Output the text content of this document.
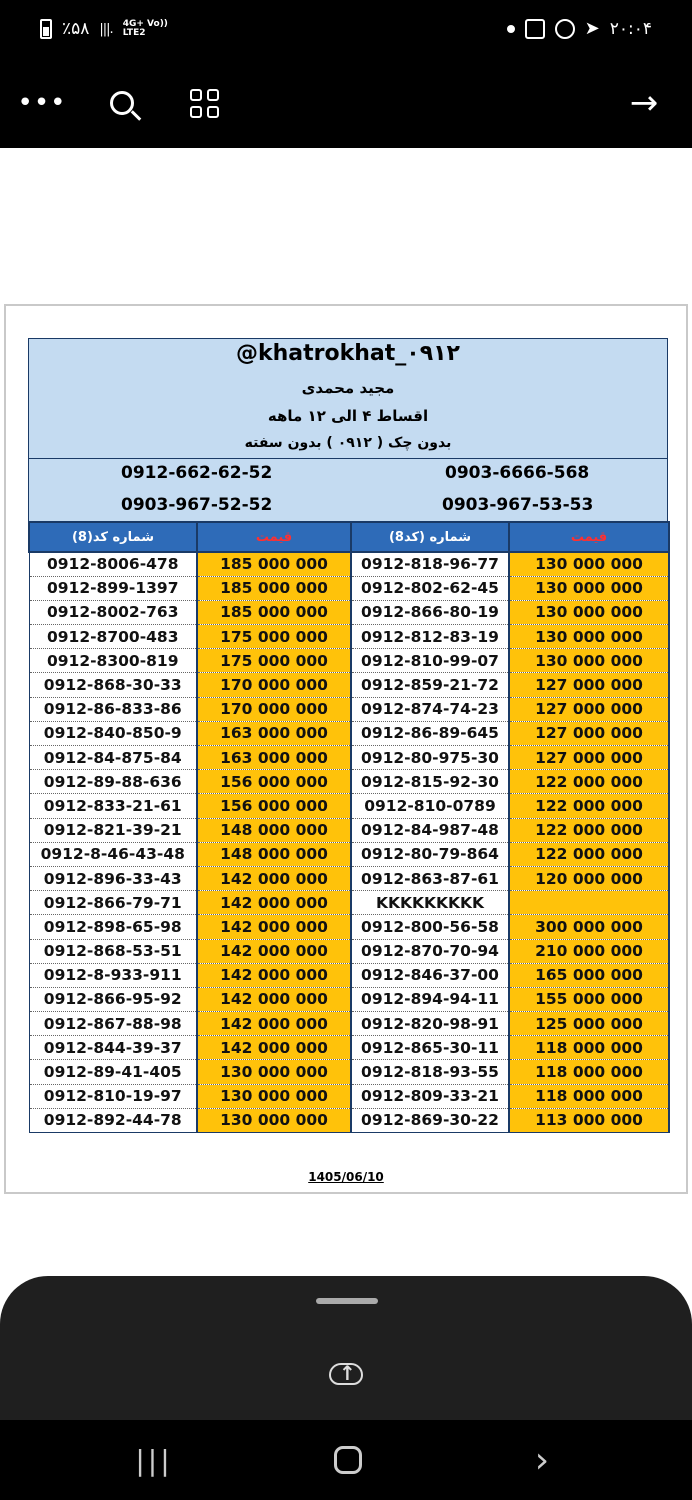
٪۵۸ |||. 4G+ Vo))
LTE2	➤ ۲۰:۰۴
•••	→
@khatrokhat_۰۹۱۲
مجید محمدی
اقساط ۴ الی ۱۲ ماهه
بدون چک ( ۰۹۱۲ ) بدون سفته
0912-662-62-52
0903-967-52-52
0903-6666-568
0903-967-53-53
شماره کد(8)	قیمت	شماره (کد8)	قیمت
0912-8006-478	185 000 000	0912-818-96-77	130 000 000
0912-899-1397	185 000 000	0912-802-62-45	130 000 000
0912-8002-763	185 000 000	0912-866-80-19	130 000 000
0912-8700-483	175 000 000	0912-812-83-19	130 000 000
0912-8300-819	175 000 000	0912-810-99-07	130 000 000
0912-868-30-33	170 000 000	0912-859-21-72	127 000 000
0912-86-833-86	170 000 000	0912-874-74-23	127 000 000
0912-840-850-9	163 000 000	0912-86-89-645	127 000 000
0912-84-875-84	163 000 000	0912-80-975-30	127 000 000
0912-89-88-636	156 000 000	0912-815-92-30	122 000 000
0912-833-21-61	156 000 000	0912-810-0789	122 000 000
0912-821-39-21	148 000 000	0912-84-987-48	122 000 000
0912-8-46-43-48	148 000 000	0912-80-79-864	122 000 000
0912-896-33-43	142 000 000	0912-863-87-61	120 000 000
0912-866-79-71	142 000 000	KKKKKKKKK	
0912-898-65-98	142 000 000	0912-800-56-58	300 000 000
0912-868-53-51	142 000 000	0912-870-70-94	210 000 000
0912-8-933-911	142 000 000	0912-846-37-00	165 000 000
0912-866-95-92	142 000 000	0912-894-94-11	155 000 000
0912-867-88-98	142 000 000	0912-820-98-91	125 000 000
0912-844-39-37	142 000 000	0912-865-30-11	118 000 000
0912-89-41-405	130 000 000	0912-818-93-55	118 000 000
0912-810-19-97	130 000 000	0912-809-33-21	118 000 000
0912-892-44-78	130 000 000	0912-869-30-22	113 000 000
1405/06/10
↑
|||	›
